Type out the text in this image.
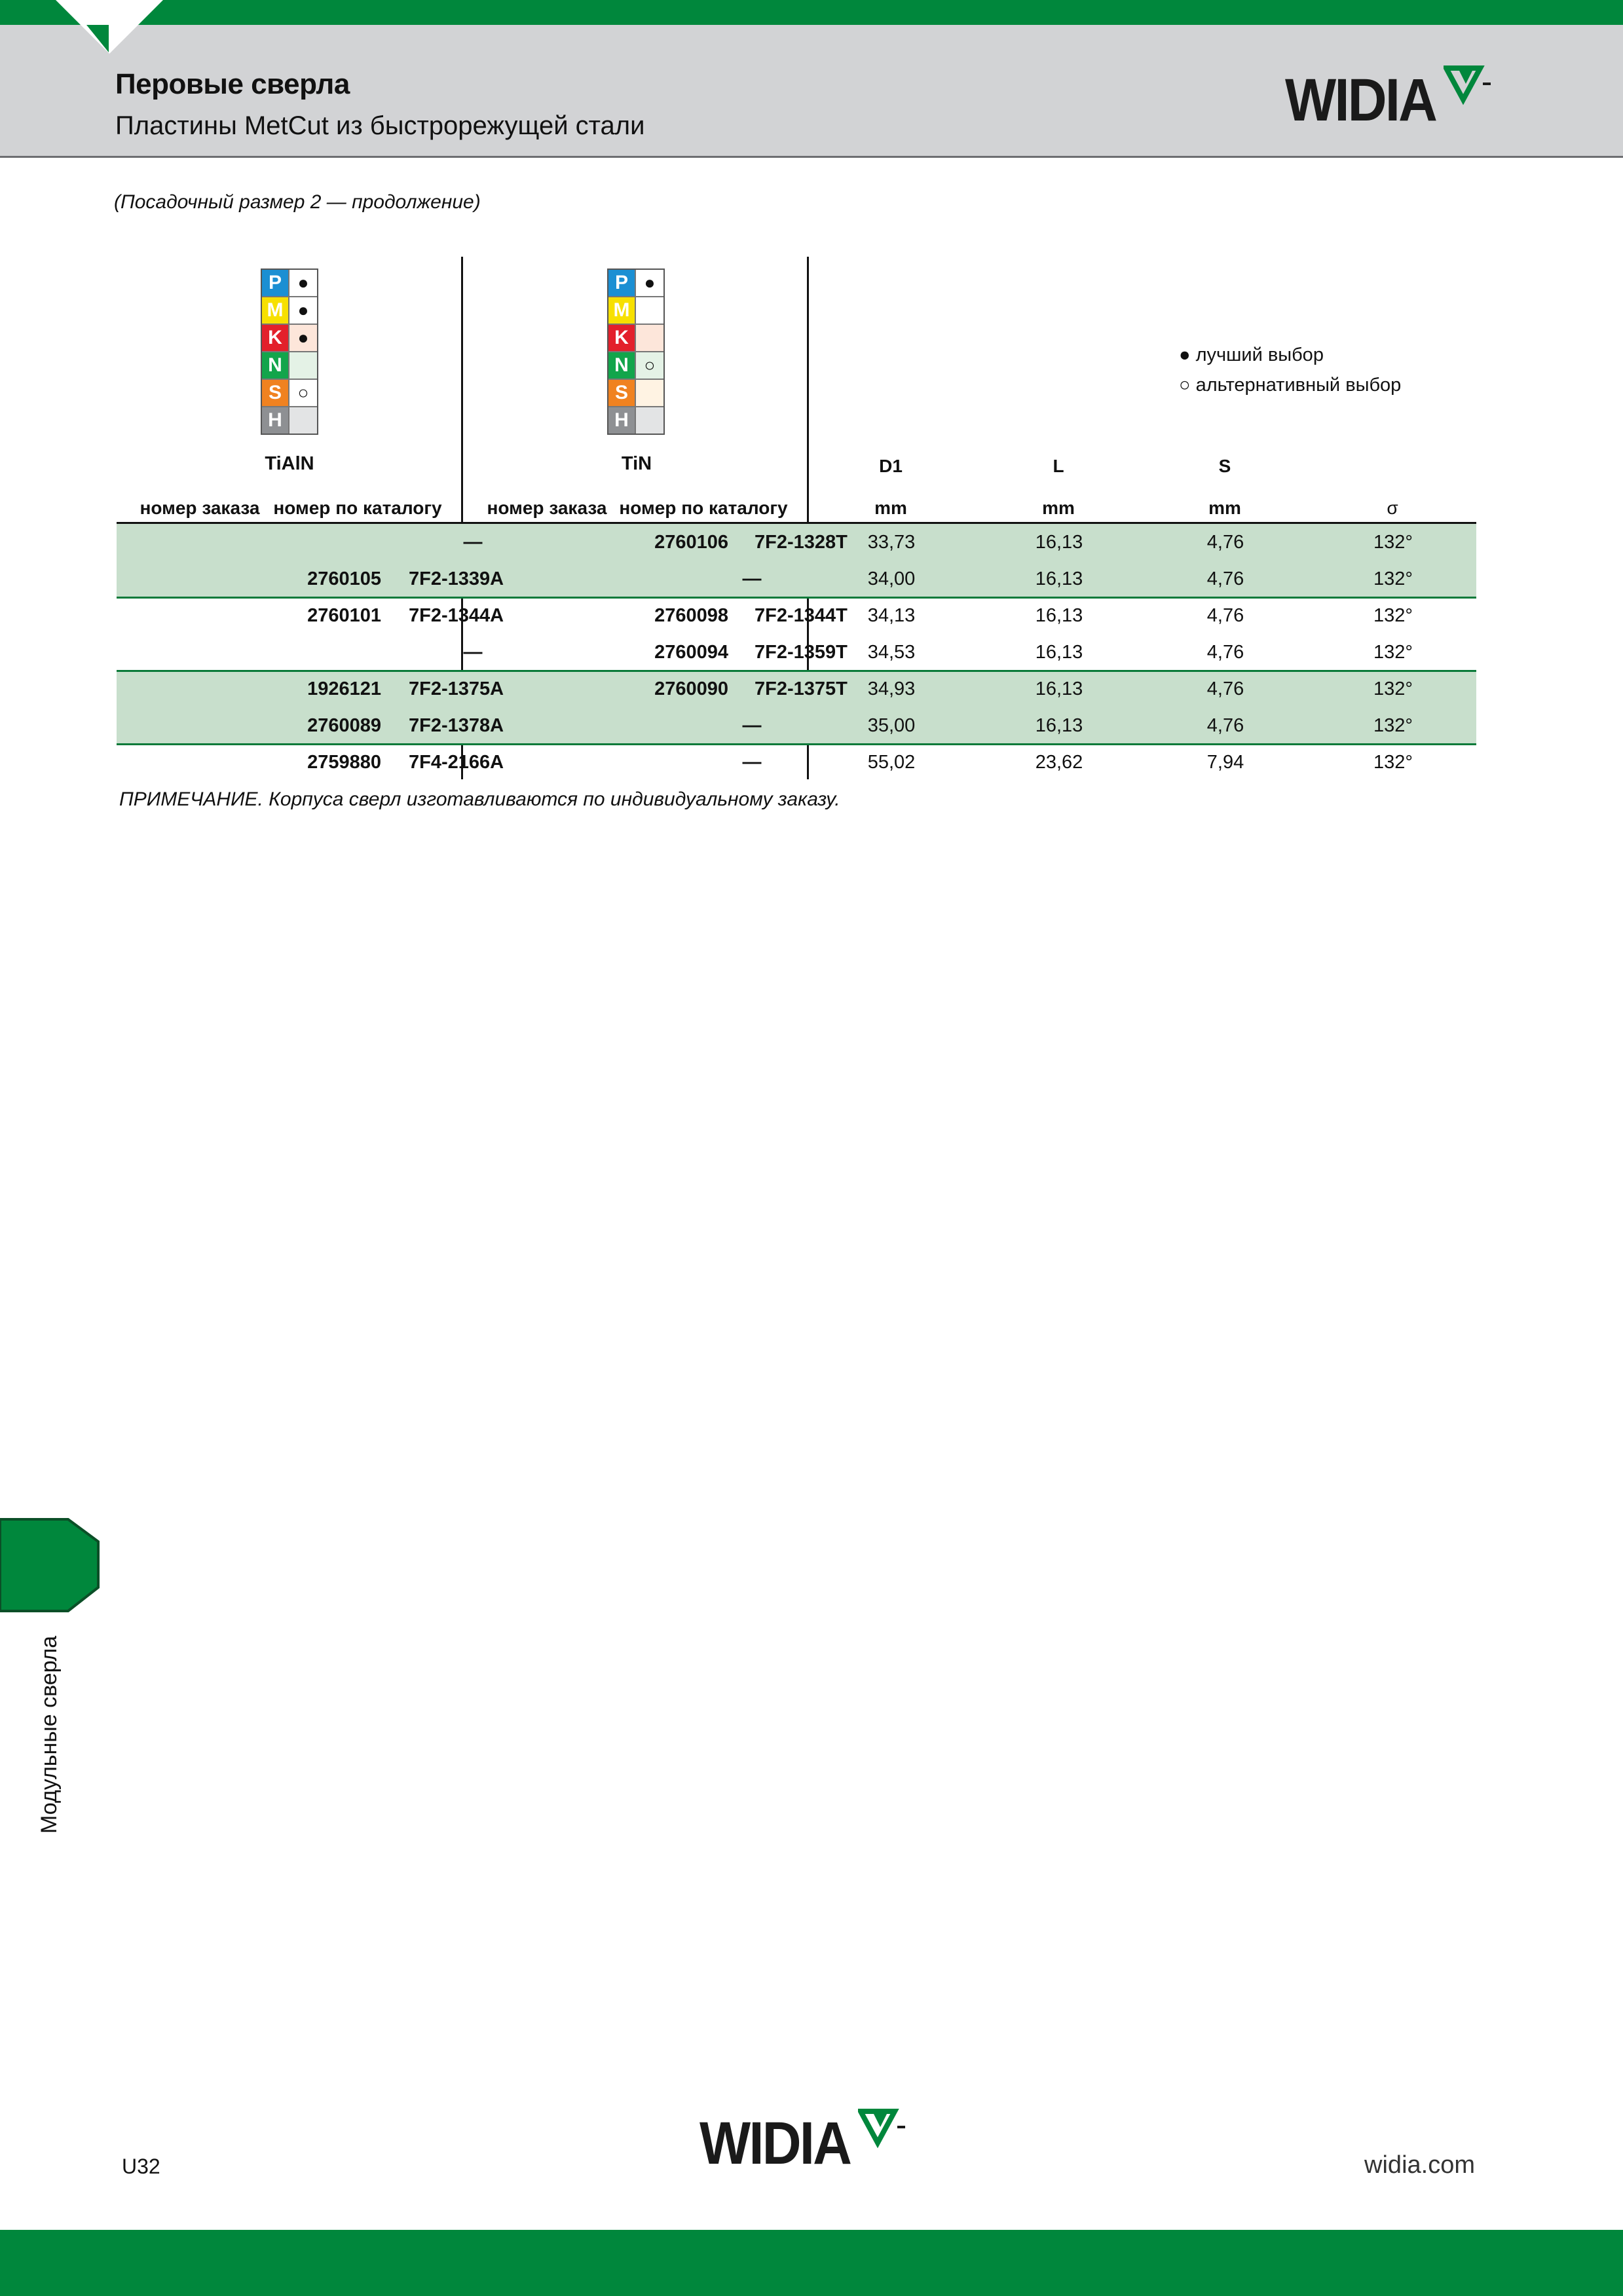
Перовые сверла
Пластины MetCut из быстрорежущей стали	WIDIA
(Посадочный размер 2 — продолжение)
P ●
M ●
K ●
N
S ○
H
P ●
M
K
N ○
S
H
TiAlN	TiN
● лучший выбор
○ альтернативный выбор
D1	L	S
номер заказа номер по каталогу	номер заказа номер по каталогу	mm	mm	mm	σ
—	2760106 7F2-1328T	33,73	16,13	4,76	132°
2760105 7F2-1339A	—	34,00	16,13	4,76	132°
2760101 7F2-1344A	2760098 7F2-1344T	34,13	16,13	4,76	132°
—	2760094 7F2-1359T	34,53	16,13	4,76	132°
1926121 7F2-1375A	2760090 7F2-1375T	34,93	16,13	4,76	132°
2760089 7F2-1378A	—	35,00	16,13	4,76	132°
2759880 7F4-2166A	—	55,02	23,62	7,94	132°
ПРИМЕЧАНИЕ. Корпуса сверл изготавливаются по индивидуальному заказу.
Модульные сверла
U32	WIDIA	widia.com
